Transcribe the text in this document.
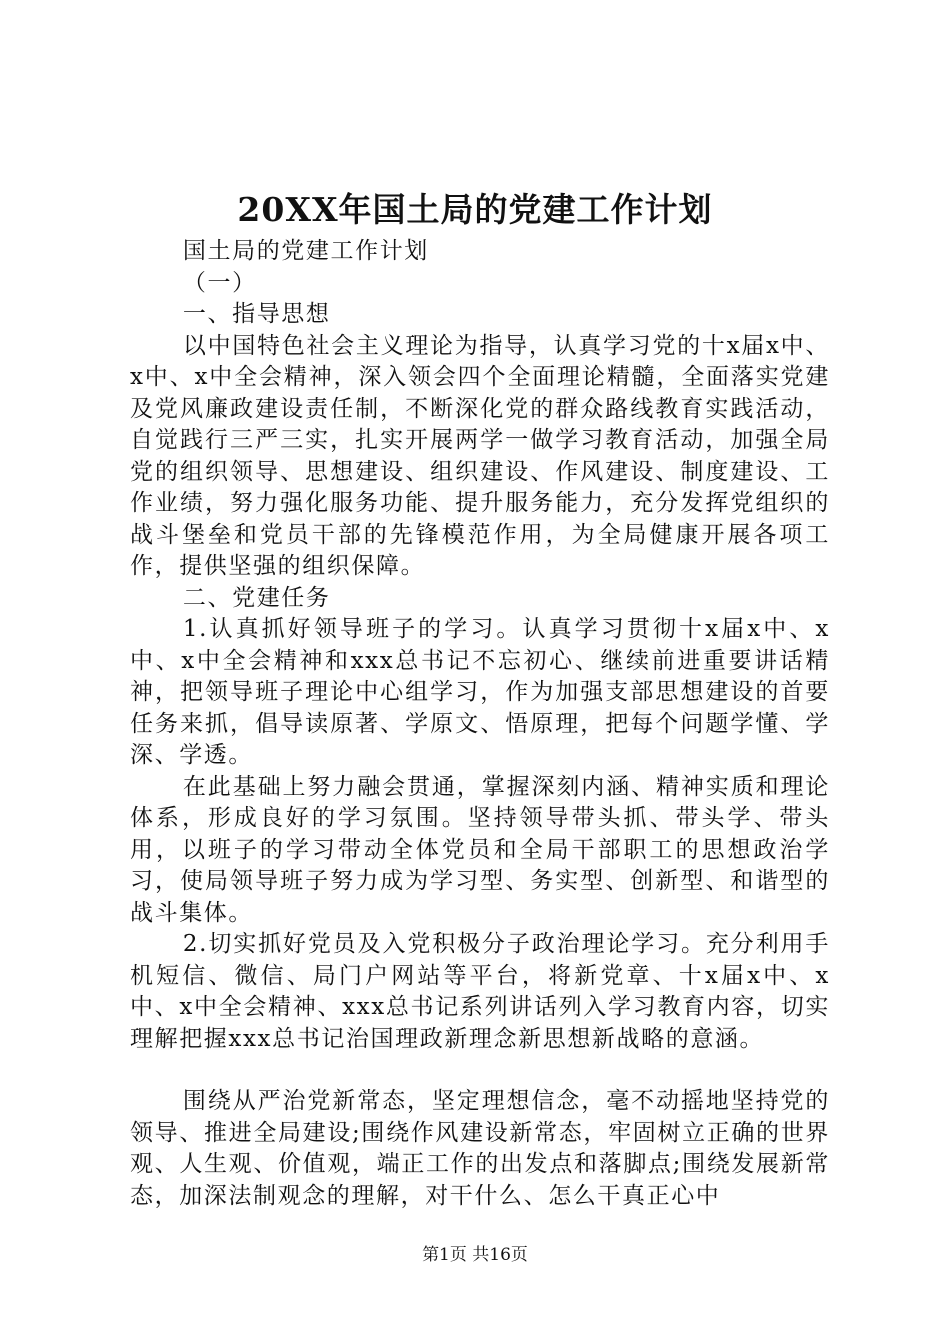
20XX年国土局的党建工作计划

国土局的党建工作计划

（一）

一、指导思想

以中国特色社会主义理论为指导，认真学习党的十x届x中、x中、x中全会精神，深入领会四个全面理论精髓，全面落实党建及党风廉政建设责任制，不断深化党的群众路线教育实践活动，自觉践行三严三实，扎实开展两学一做学习教育活动，加强全局党的组织领导、思想建设、组织建设、作风建设、制度建设、工作业绩，努力强化服务功能、提升服务能力，充分发挥党组织的战斗堡垒和党员干部的先锋模范作用，为全局健康开展各项工作，提供坚强的组织保障。

二、党建任务

1.认真抓好领导班子的学习。认真学习贯彻十x届x中、x中、x中全会精神和xxx总书记不忘初心、继续前进重要讲话精神，把领导班子理论中心组学习，作为加强支部思想建设的首要任务来抓，倡导读原著、学原文、悟原理，把每个问题学懂、学深、学透。

在此基础上努力融会贯通，掌握深刻内涵、精神实质和理论体系，形成良好的学习氛围。坚持领导带头抓、带头学、带头用，以班子的学习带动全体党员和全局干部职工的思想政治学习，使局领导班子努力成为学习型、务实型、创新型、和谐型的战斗集体。

2.切实抓好党员及入党积极分子政治理论学习。充分利用手机短信、微信、局门户网站等平台，将新党章、十x届x中、x中、x中全会精神、xxx总书记系列讲话列入学习教育内容，切实理解把握xxx总书记治国理政新理念新思想新战略的意涵。

围绕从严治党新常态，坚定理想信念，毫不动摇地坚持党的领导、推进全局建设;围绕作风建设新常态，牢固树立正确的世界观、人生观、价值观，端正工作的出发点和落脚点;围绕发展新常态，加深法制观念的理解，对干什么、怎么干真正心中

第1页 共16页
